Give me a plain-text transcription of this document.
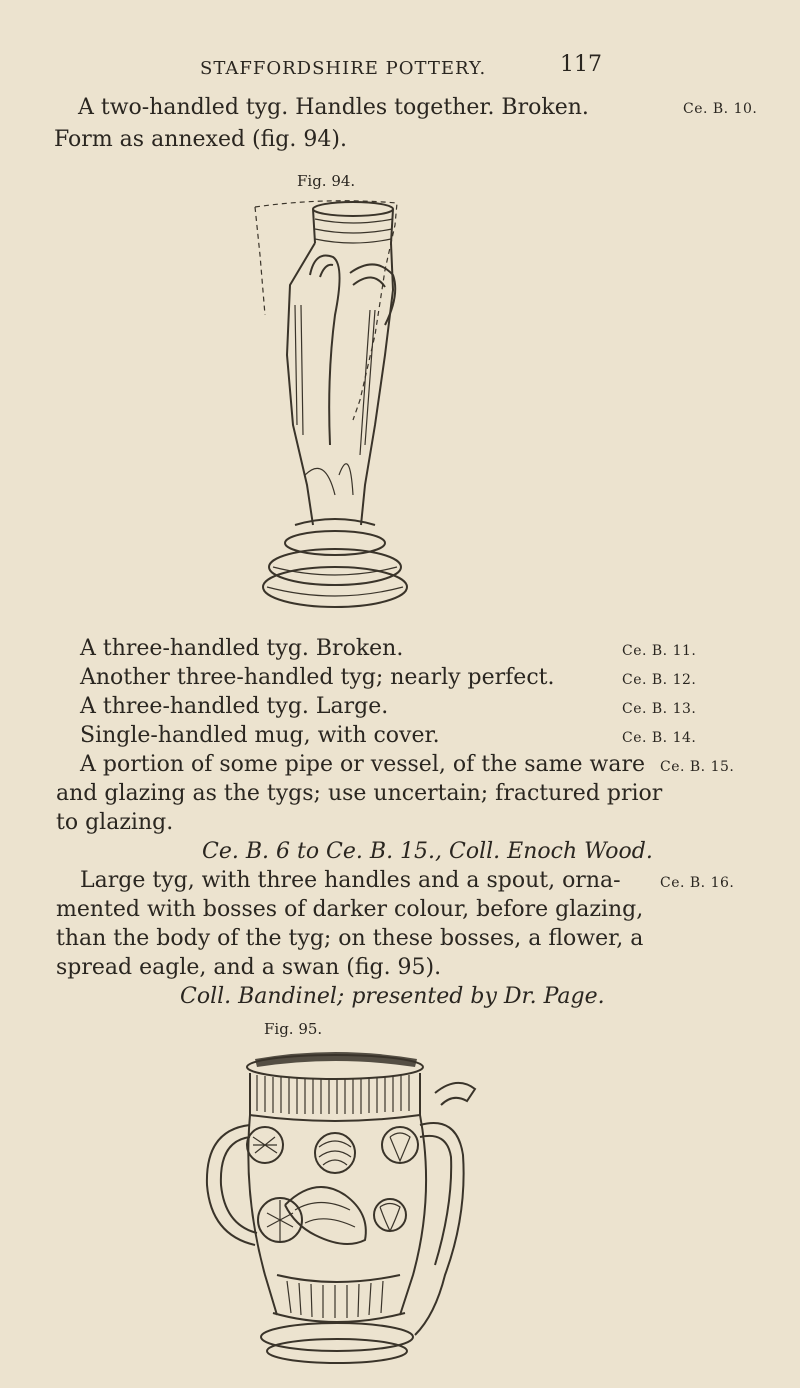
STAFFORDSHIRE POTTERY.	117
A two-handled tyg. Handles together. Broken.	Ce. B. 10.
Form as annexed (fig. 94).
Fig. 94.
A three-handled tyg. Broken.	Ce. B. 11.
Another three-handled tyg; nearly perfect.	Ce. B. 12.
A three-handled tyg. Large.	Ce. B. 13.
Single-handled mug, with cover.	Ce. B. 14.
A portion of some pipe or vessel, of the same ware Ce. B. 15.
and glazing as the tygs; use uncertain; fractured prior
to glazing.
Ce. B. 6 to Ce. B. 15., Coll. Enoch Wood.
Large tyg, with three handles and a spout, orna-	Ce. B. 16.
mented with bosses of darker colour, before glazing,
than the body of the tyg; on these bosses, a flower, a
spread eagle, and a swan (fig. 95).
Coll. Bandinel; presented by Dr. Page.
Fig. 95.
